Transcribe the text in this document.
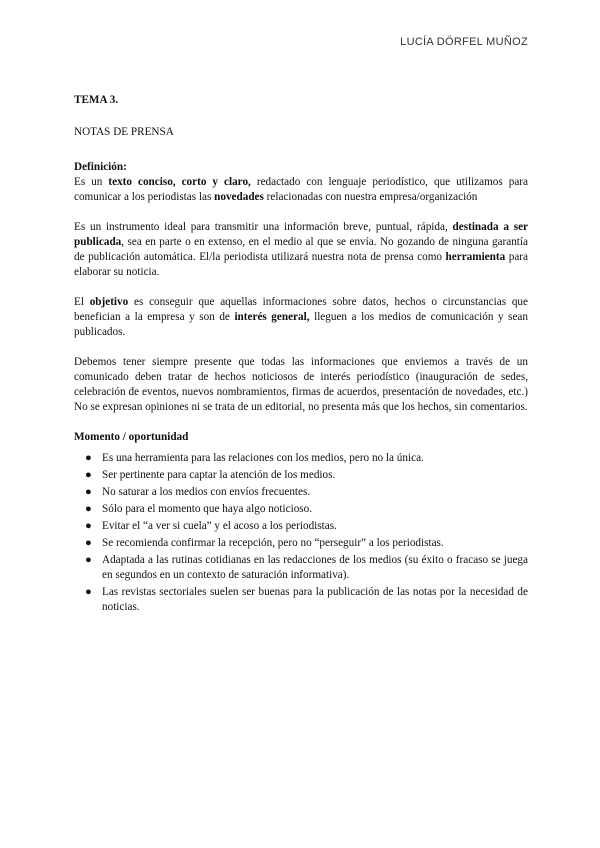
LUCÍA DÖRFEL MUÑOZ
TEMA 3.
NOTAS DE PRENSA
Definición:

Es un texto conciso, corto y claro, redactado con lenguaje periodístico, que utilizamos para comunicar a los periodistas las novedades relacionadas con nuestra empresa/organización

Es un instrumento ideal para transmitir una información breve, puntual, rápida, destinada a ser publicada, sea en parte o en extenso, en el medio al que se envía. No gozando de ninguna garantía de publicación automática. El/la periodista utilizará nuestra nota de prensa como herramienta para elaborar su noticia.

El objetivo es conseguir que aquellas informaciones sobre datos, hechos o circunstancias que benefician a la empresa y son de interés general, lleguen a los medios de comunicación y sean publicados.

Debemos tener siempre presente que todas las informaciones que enviemos a través de un comunicado deben tratar de hechos noticiosos de interés periodístico (inauguración de sedes, celebración de eventos, nuevos nombramientos, firmas de acuerdos, presentación de novedades, etc.) No se expresan opiniones ni se trata de un editorial, no presenta más que los hechos, sin comentarios.

Momento / oportunidad
● Es una herramienta para las relaciones con los medios, pero no la única.
● Ser pertinente para captar la atención de los medios.
● No saturar a los medios con envíos frecuentes.
● Sólo para el momento que haya algo noticioso.
● Evitar el “a ver si cuela” y el acoso a los periodistas.
● Se recomienda confirmar la recepción, pero no “perseguir” a los periodistas.
● Adaptada a las rutinas cotidianas en las redacciones de los medios (su éxito o fracaso se juega en segundos en un contexto de saturación informativa).
● Las revistas sectoriales suelen ser buenas para la publicación de las notas por la necesidad de noticias.
